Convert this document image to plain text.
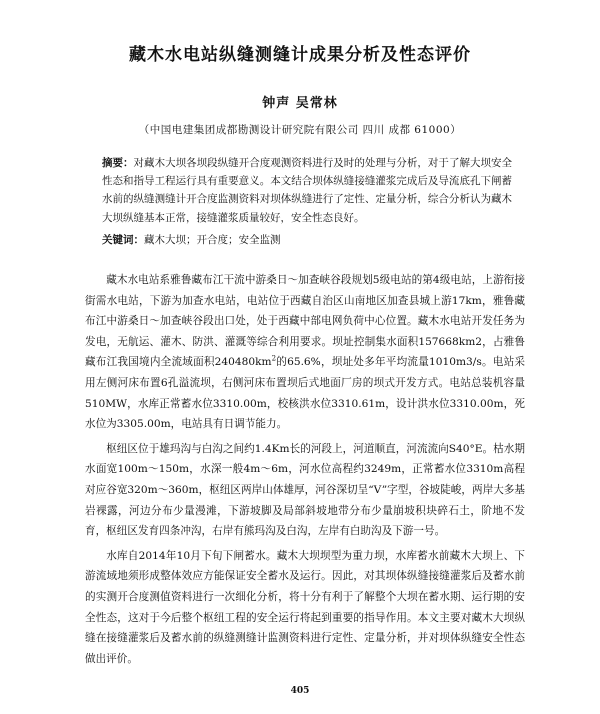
藏木水电站纵缝测缝计成果分析及性态评价
钟声 吴常林
（中国电建集团成都勘测设计研究院有限公司 四川 成都 61000）
摘要：对藏木大坝各坝段纵缝开合度观测资料进行及时的处理与分析，对于了解大坝安全性态和指导工程运行具有重要意义。本文结合坝体纵缝接缝灌浆完成后及导流底孔下闸蓄水前的纵缝测缝计开合度监测资料对坝体纵缝进行了定性、定量分析，综合分析认为藏木大坝纵缝基本正常，接缝灌浆质量较好，安全性态良好。
关键词：藏木大坝；开合度；安全监测

藏木水电站系雅鲁藏布江干流中游桑日～加查峡谷段规划5级电站的第4级电站，上游衔接街需水电站，下游为加查水电站，电站位于西藏自治区山南地区加查县城上游17km，雅鲁藏布江中游桑日～加查峡谷段出口处，处于西藏中部电网负荷中心位置。藏木水电站开发任务为发电，无航运、灌木、防洪、灌溉等综合利用要求。坝址控制集水面积157668km2，占雅鲁藏布江我国境内全流域面积$240480km^2$的65.6%，坝址处多年平均流量1010m3/s。电站采用左侧河床布置6孔溢流坝，右侧河床布置坝后式地面厂房的坝式开发方式。电站总装机容量510MW，水库正常蓄水位3310.00m，校核洪水位3310.61m，设计洪水位3310.00m，死水位为3305.00m，电站具有日调节能力。

枢纽区位于雄玛沟与白沟之间约1.4Km长的河段上，河道顺直，河流流向S40°E。枯水期水面宽100m～150m，水深一般4m～6m，河水位高程约3249m，正常蓄水位3310m高程对应谷宽320m～360m，枢纽区两岸山体雄厚，河谷深切呈“V”字型，谷坡陡峻，两岸大多基岩裸露，河边分布少量漫滩，下游坡脚及局部斜坡地带分布少量崩坡积块碎石土，阶地不发育，枢纽区发育四条冲沟，右岸有熊玛沟及白沟，左岸有白助沟及下游一号。

水库自2014年10月下旬下闸蓄水。藏木大坝坝型为重力坝，水库蓄水前藏木大坝上、下游流域地须形成整体效应方能保证安全蓄水及运行。因此，对其坝体纵缝接缝灌浆后及蓄水前的实测开合度测值资料进行一次细化分析，将十分有利于了解整个大坝在蓄水期、运行期的安全性态，这对于今后整个枢纽工程的安全运行将起到重要的指导作用。本文主要对藏木大坝纵缝在接缝灌浆后及蓄水前的纵缝测缝计监测资料进行定性、定量分析，并对坝体纵缝安全性态做出评价。

405
